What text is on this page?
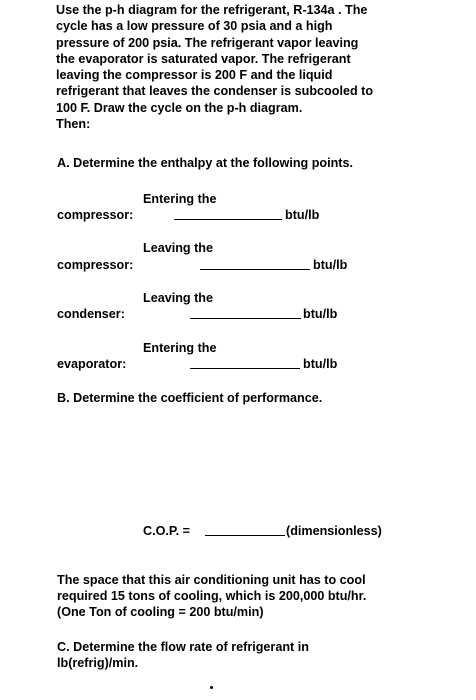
Use the p-h diagram for the refrigerant, R-134a . The
cycle has a low pressure of 30 psia and a high
pressure of 200 psia. The refrigerant vapor leaving
the evaporator is saturated vapor. The refrigerant
leaving the compressor is 200 F and the liquid
refrigerant that leaves the condenser is subcooled to
100 F. Draw the cycle on the p-h diagram.
Then:
A. Determine the enthalpy at the following points.
Entering the
compressor:	btu/lb
Leaving the
compressor:	btu/lb
Leaving the
condenser:	btu/lb
Entering the
evaporator:	btu/lb
B. Determine the coefficient of performance.
C.O.P. =	(dimensionless)
The space that this air conditioning unit has to cool
required 15 tons of cooling, which is 200,000 btu/hr.
(One Ton of cooling = 200 btu/min)
C. Determine the flow rate of refrigerant in
lb(refrig)/min.
